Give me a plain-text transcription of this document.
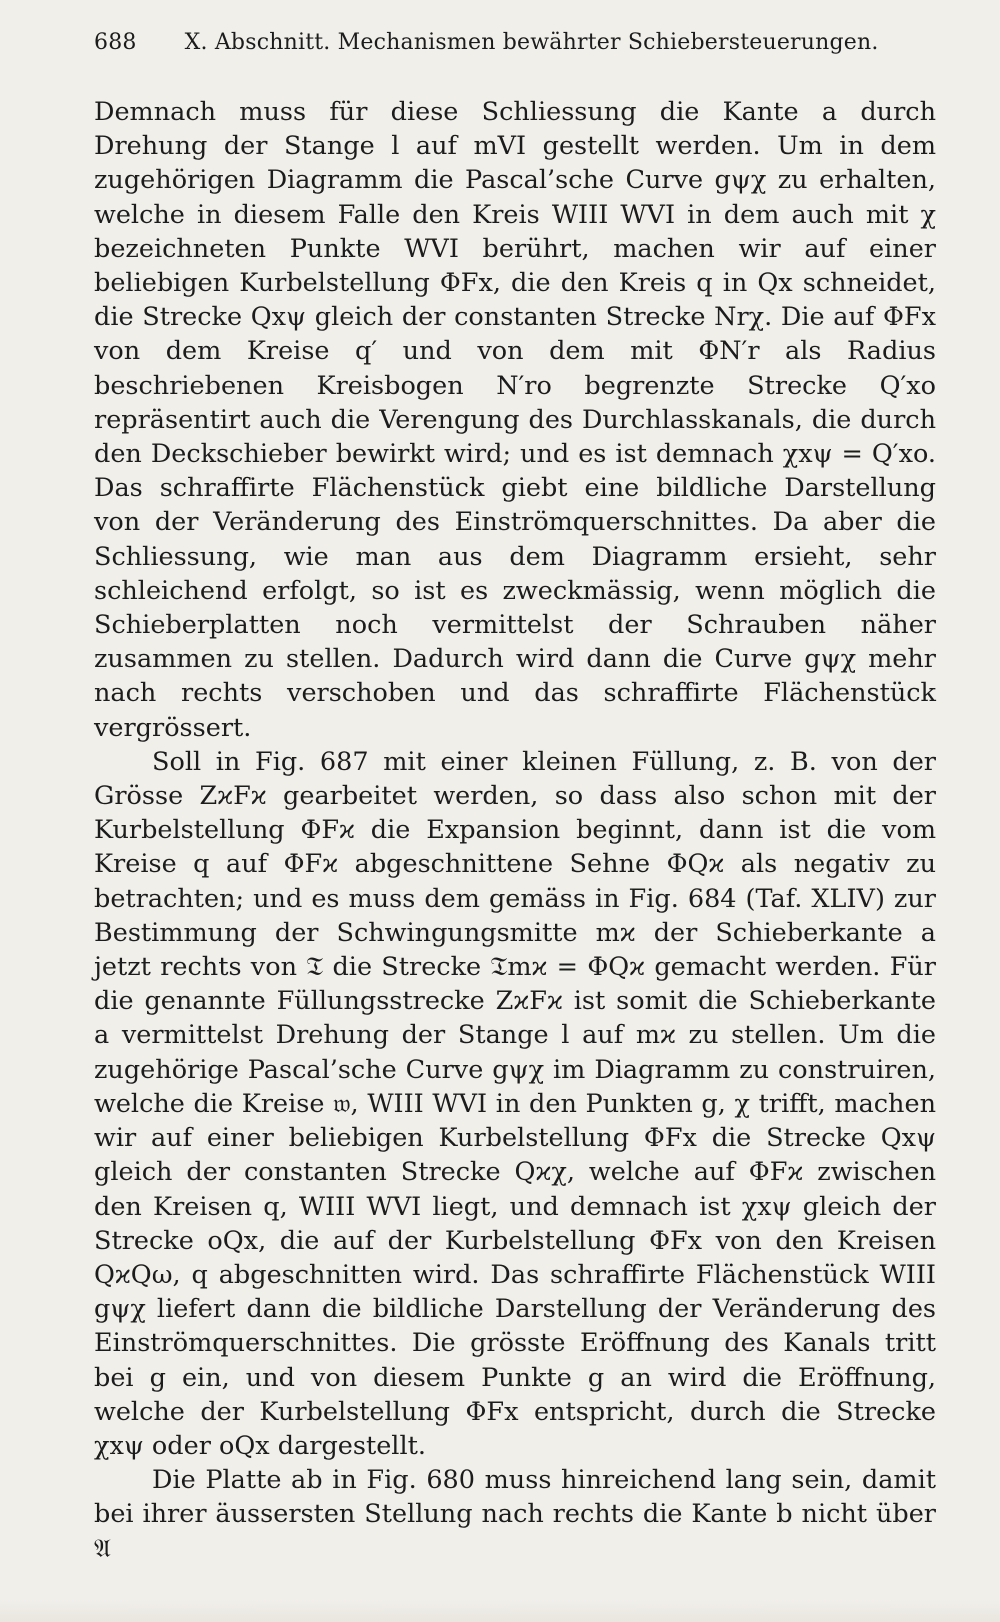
688 X. Abschnitt. Mechanismen bewährter Schiebersteuerungen.

Demnach muss für diese Schliessung die Kante a durch Drehung der Stange l auf mVI gestellt werden. Um in dem zugehörigen Diagramm die Pascal’sche Curve gψχ zu erhalten, welche in diesem Falle den Kreis WIII WVI in dem auch mit χ bezeichneten Punkte WVI berührt, machen wir auf einer beliebigen Kurbelstellung ΦFx, die den Kreis q in Qx schneidet, die Strecke Qxψ gleich der constanten Strecke Nrχ. Die auf ΦFx von dem Kreise q′ und von dem mit ΦN′r als Radius beschriebenen Kreisbogen N′ro begrenzte Strecke Q′xo repräsentirt auch die Verengung des Durchlasskanals, die durch den Deckschieber bewirkt wird; und es ist demnach χxψ = Q′xo. Das schraffirte Flächenstück giebt eine bildliche Darstellung von der Veränderung des Einströmquerschnittes. Da aber die Schliessung, wie man aus dem Diagramm ersieht, sehr schleichend erfolgt, so ist es zweckmässig, wenn möglich die Schieberplatten noch vermittelst der Schrauben näher zusammen zu stellen. Dadurch wird dann die Curve gψχ mehr nach rechts verschoben und das schraffirte Flächenstück vergrössert.

Soll in Fig. 687 mit einer kleinen Füllung, z. B. von der Grösse ZϰFϰ gearbeitet werden, so dass also schon mit der Kurbelstellung ΦFϰ die Expansion beginnt, dann ist die vom Kreise q auf ΦFϰ abgeschnittene Sehne ΦQϰ als negativ zu betrachten; und es muss dem gemäss in Fig. 684 (Taf. XLIV) zur Bestimmung der Schwingungsmitte mϰ der Schieberkante a jetzt rechts von 𝔗 die Strecke 𝔗mϰ = ΦQϰ gemacht werden. Für die genannte Füllungsstrecke ZϰFϰ ist somit die Schieberkante a vermittelst Drehung der Stange l auf mϰ zu stellen. Um die zugehörige Pascal’sche Curve gψχ im Diagramm zu construiren, welche die Kreise 𝔴, WIII WVI in den Punkten g, χ trifft, machen wir auf einer beliebigen Kurbelstellung ΦFx die Strecke Qxψ gleich der constanten Strecke Qϰχ, welche auf ΦFϰ zwischen den Kreisen q, WIII WVI liegt, und demnach ist χxψ gleich der Strecke oQx, die auf der Kurbelstellung ΦFx von den Kreisen QϰQω, q abgeschnitten wird. Das schraffirte Flächenstück WIII gψχ liefert dann die bildliche Darstellung der Veränderung des Einströmquerschnittes. Die grösste Eröffnung des Kanals tritt bei g ein, und von diesem Punkte g an wird die Eröffnung, welche der Kurbelstellung ΦFx entspricht, durch die Strecke χxψ oder oQx dargestellt.

Die Platte ab in Fig. 680 muss hinreichend lang sein, damit bei ihrer äussersten Stellung nach rechts die Kante b nicht über 𝔄
